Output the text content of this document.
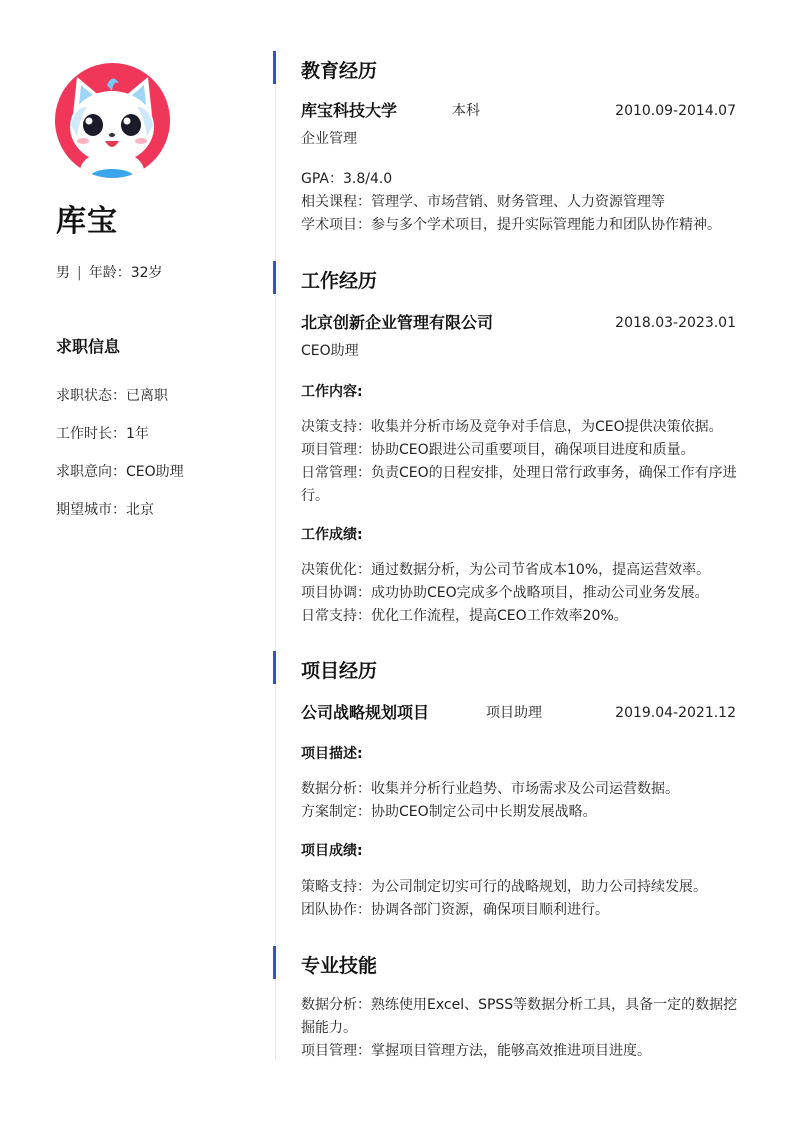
库宝
男 | 年龄：32岁
求职信息
求职状态：已离职
工作时长：1年
求职意向：CEO助理
期望城市：北京
教育经历
库宝科技大学	本科	2010.09-2014.07
企业管理
GPA：3.8/4.0
相关课程：管理学、市场营销、财务管理、人力资源管理等
学术项目：参与多个学术项目，提升实际管理能力和团队协作精神。
工作经历
北京创新企业管理有限公司	2018.03-2023.01
CEO助理
工作内容:
决策支持：收集并分析市场及竞争对手信息，为CEO提供决策依据。
项目管理：协助CEO跟进公司重要项目，确保项目进度和质量。
日常管理：负责CEO的日程安排，处理日常行政事务，确保工作有序进
行。
工作成绩:
决策优化：通过数据分析，为公司节省成本10%，提高运营效率。
项目协调：成功协助CEO完成多个战略项目，推动公司业务发展。
日常支持：优化工作流程，提高CEO工作效率20%。
项目经历
公司战略规划项目	项目助理	2019.04-2021.12
项目描述:
数据分析：收集并分析行业趋势、市场需求及公司运营数据。
方案制定：协助CEO制定公司中长期发展战略。
项目成绩:
策略支持：为公司制定切实可行的战略规划，助力公司持续发展。
团队协作：协调各部门资源，确保项目顺利进行。
专业技能
数据分析：熟练使用Excel、SPSS等数据分析工具，具备一定的数据挖
掘能力。
项目管理：掌握项目管理方法，能够高效推进项目进度。
